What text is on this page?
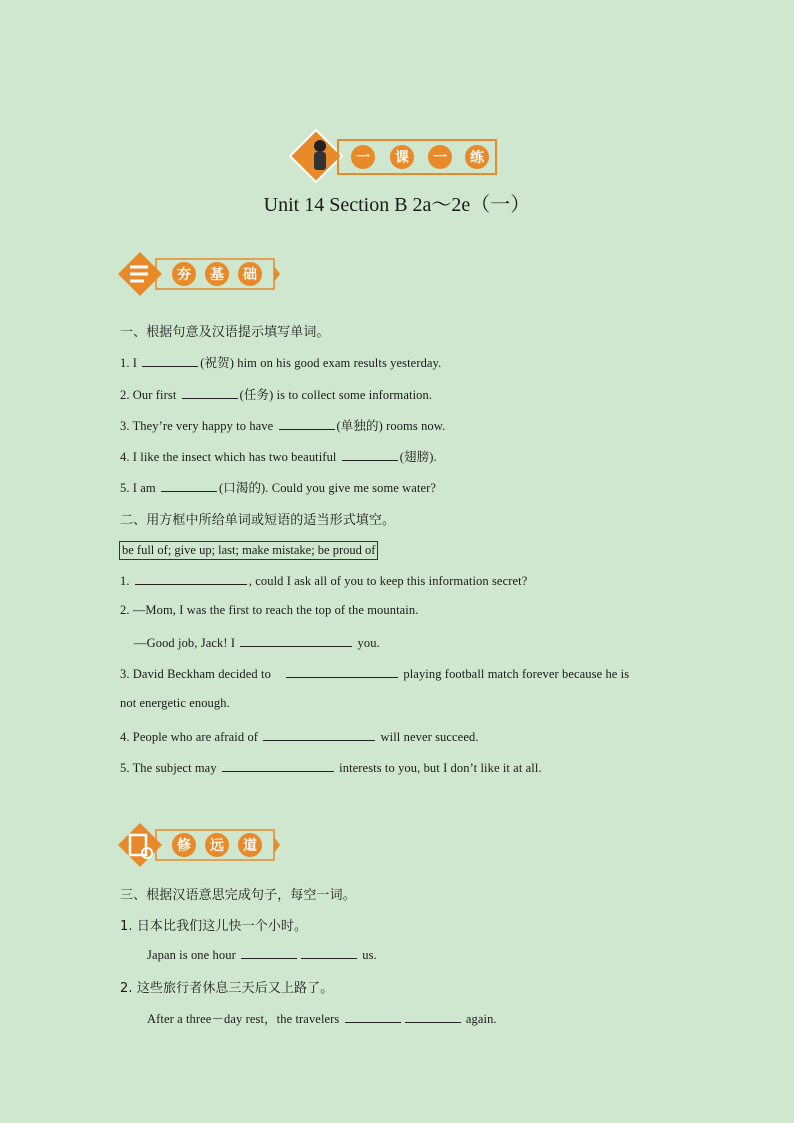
一 课 一 练
Unit 14 Section B 2a～2e（一）
夯 基 础
一、根据句意及汉语提示填写单词。
1. I	(祝贺) him on his good exam results yesterday.
2. Our first	(任务) is to collect some information.
3. They’re very happy to have	(单独的) rooms now.
4. I like the insect which has two beautiful	(翅膀).
5. I am	(口渴的). Could you give me some water?
二、用方框中所给单词或短语的适当形式填空。
be full of; give up; last; make mistake; be proud of
1.	, could I ask all of you to keep this information secret?
2. —Mom, I was the first to reach the top of the mountain.
—Good job, Jack! I	you.
3. David Beckham decided to	playing football match forever because he is
not energetic enough.
4. People who are afraid of	will never succeed.
5. The subject may	interests to you, but I don’t like it at all.
修 远 道
三、根据汉语意思完成句子，每空一词。
1. 日本比我们这儿快一个小时。
Japan is one hour	us.
2. 这些旅行者休息三天后又上路了。
After a three－day rest，the travelers	again.
